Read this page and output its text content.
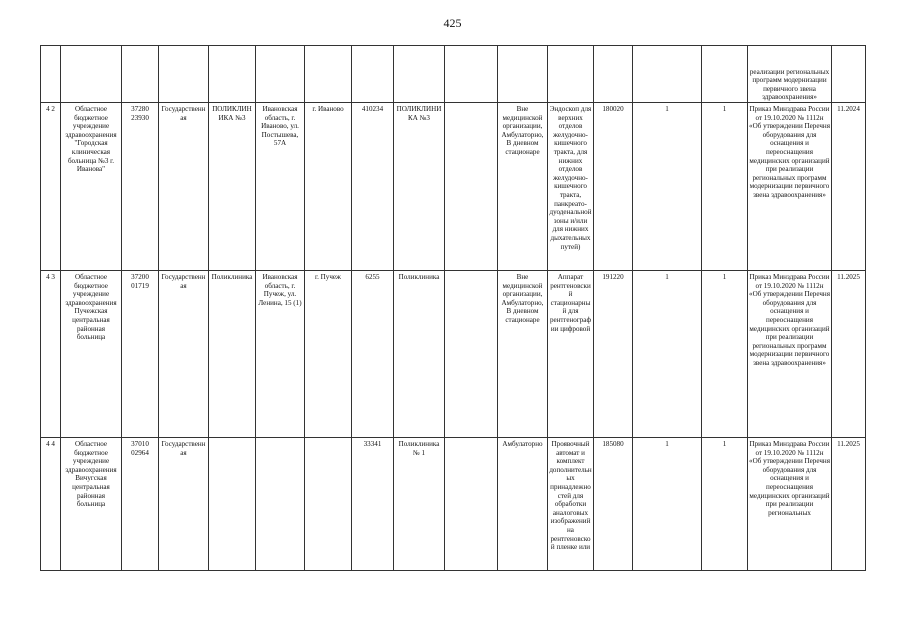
425
															реализации региональных программ модернизации первичного звена здравоохранения»	
4 2	Областное бюджетное учреждение здравоохранения "Городская клиническая больница №3 г. Иванова"	37280 23930	Государственная	ПОЛИКЛИНИКА №3	Ивановская область, г. Иваново, ул. Постышева, 57А	г. Иваново	410234	ПОЛИКЛИНИКА №3		Вне медицинской организации, Амбулаторно, В дневном стационаре	Эндоскоп для верхних отделов желудочно-кишечного тракта, для нижних отделов желудочно-кишечного тракта, панкреато-дуоденальной зоны и/или для нижних дыхательных путей)	180020	1	1	Приказ Минздрава России от 19.10.2020 № 1112н «Об утверждении Перечня оборудования для оснащения и переоснащения медицинских организаций при реализации региональных программ модернизации первичного звена здравоохранения»	11.2024
4 3	Областное бюджетное учреждение здравоохранения Пучежская центральная районная больница	37200 01719	Государственная	Поликлиника	Ивановская область, г. Пучеж, ул. Ленина, 15 (1)	г. Пучеж	6255	Поликлиника		Вне медицинской организации, Амбулаторно, В дневном стационаре	Аппарат рентгеновский стационарный для рентгенографии цифровой	191220	1	1	Приказ Минздрава России от 19.10.2020 № 1112н «Об утверждении Перечня оборудования для оснащения и переоснащения медицинских организаций при реализации региональных программ модернизации первичного звена здравоохранения»	11.2025
4 4	Областное бюджетное учреждение здравоохранения Вичугская центральная районная больница	37010 02964	Государственная				33341	Поликлиника № 1		Амбулаторно	Проявочный автомат и комплект дополнительных принадлежностей для обработки аналоговых изображений на рентгеновской пленке или	185080	1	1	Приказ Минздрава России от 19.10.2020 № 1112н «Об утверждении Перечня оборудования для оснащения и переоснащения медицинских организаций при реализации региональных	11.2025
